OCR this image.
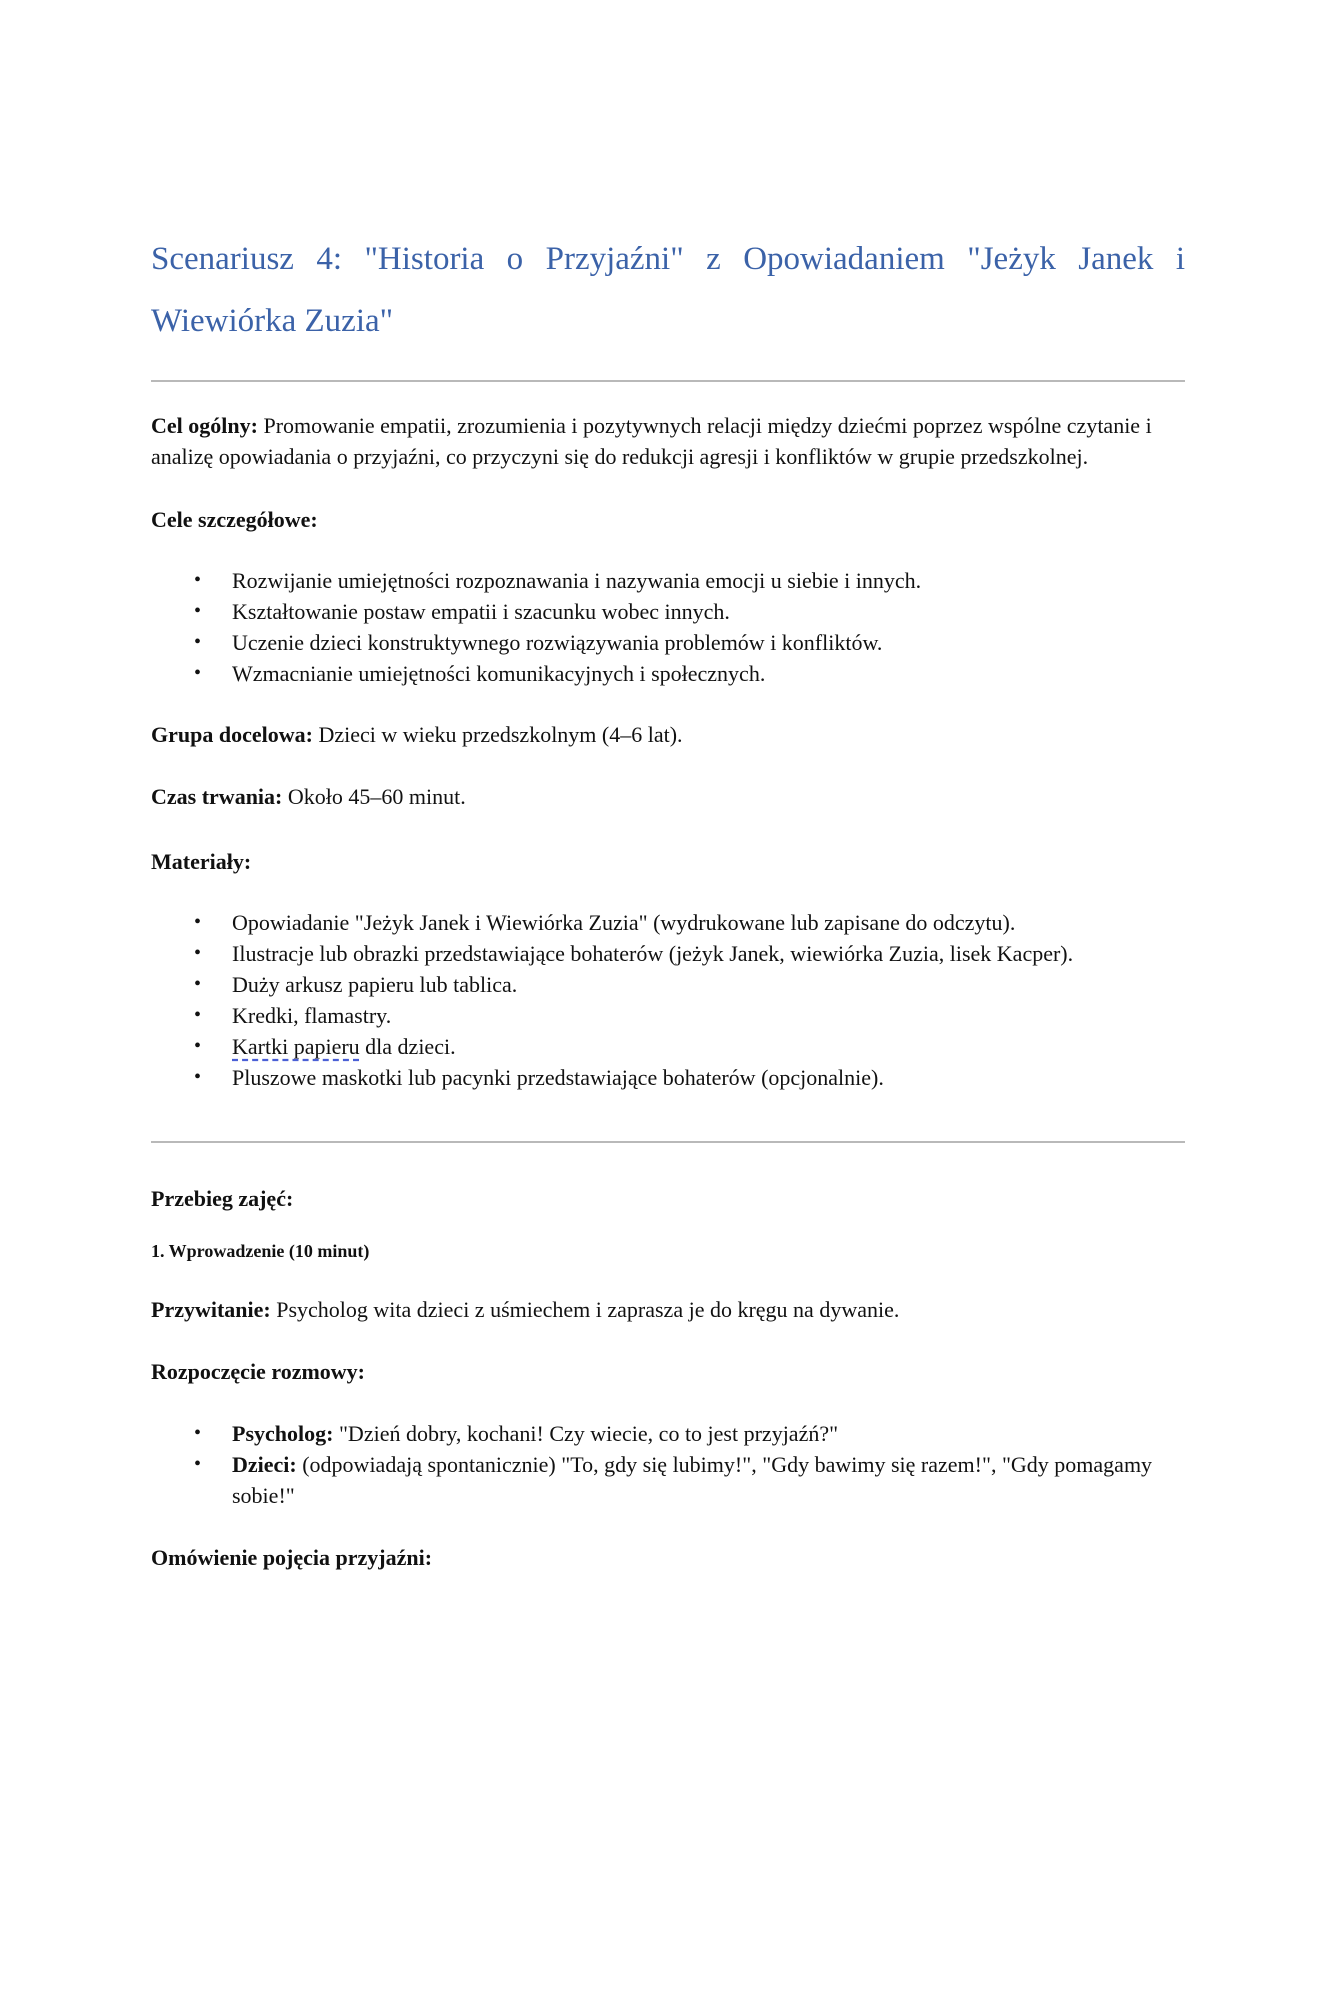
Scenariusz 4: "Historia o Przyjaźni" z Opowiadaniem "Jeżyk Janek i Wiewiórka Zuzia"

Cel ogólny: Promowanie empatii, zrozumienia i pozytywnych relacji między dziećmi poprzez wspólne czytanie i analizę opowiadania o przyjaźni, co przyczyni się do redukcji agresji i konfliktów w grupie przedszkolnej.

Cele szczegółowe:

• Rozwijanie umiejętności rozpoznawania i nazywania emocji u siebie i innych.
• Kształtowanie postaw empatii i szacunku wobec innych.
• Uczenie dzieci konstruktywnego rozwiązywania problemów i konfliktów.
• Wzmacnianie umiejętności komunikacyjnych i społecznych.

Grupa docelowa: Dzieci w wieku przedszkolnym (4–6 lat).

Czas trwania: Około 45–60 minut.

Materiały:

• Opowiadanie "Jeżyk Janek i Wiewiórka Zuzia" (wydrukowane lub zapisane do odczytu).
• Ilustracje lub obrazki przedstawiające bohaterów (jeżyk Janek, wiewiórka Zuzia, lisek Kacper).
• Duży arkusz papieru lub tablica.
• Kredki, flamastry.
• Kartki papieru dla dzieci.
• Pluszowe maskotki lub pacynki przedstawiające bohaterów (opcjonalnie).

Przebieg zajęć:

1. Wprowadzenie (10 minut)

Przywitanie: Psycholog wita dzieci z uśmiechem i zaprasza je do kręgu na dywanie.

Rozpoczęcie rozmowy:

• Psycholog: "Dzień dobry, kochani! Czy wiecie, co to jest przyjaźń?"
• Dzieci: (odpowiadają spontanicznie) "To, gdy się lubimy!", "Gdy bawimy się razem!", "Gdy pomagamy sobie!"

Omówienie pojęcia przyjaźni:
